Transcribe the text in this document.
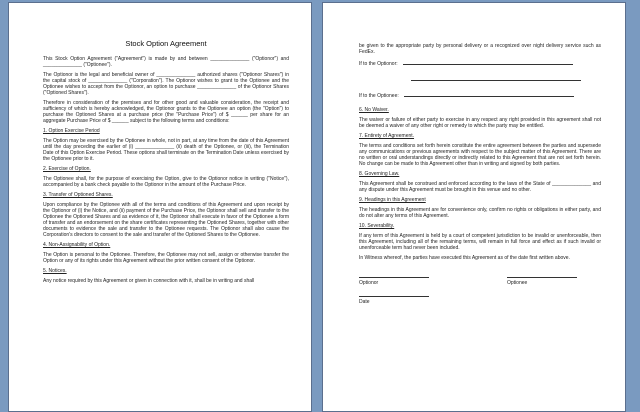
Stock Option Agreement

This Stock Option Agreement ("Agreement") is made by and between ______________ ("Optionor") and ______________ ("Optionee").

The Optionor is the legal and beneficial owner of ______________ authorized shares ("Optionor Shares") in the capital stock of ______________ ("Corporation"). The Optionor wishes to grant to the Optionee and the Optionee wishes to accept from the Optionor, an option to purchase ______________ of the Optionor Shares ("Optioned Shares").

Therefore in consideration of the premises and for other good and valuable consideration, the receipt and sufficiency of which is hereby acknowledged, the Optionor grants to the Optionee an option (the "Option") to purchase the Optioned Shares at a purchase price (the "Purchase Price") of $ ______ per share for an aggregate Purchase Price of $ ______ subject to the following terms and conditions:

1. Option Exercise Period

The Option may be exercised by the Optionee in whole, not in part, at any time from the date of this Agreement until the day preceding the earlier of (i) ______________ (ii) death of the Optionee, or (iii), the Termination Date of this Option Exercise Period. These options shall terminate on the Termination Date unless exercised by the Optionee prior to it.

2. Exercise of Option.

The Optionee shall, for the purpose of exercising the Option, give to the Optionor notice in writing ("Notice"), accompanied by a bank check payable to the Optionor in the amount of the Purchase Price.

3. Transfer of Optioned Shares.

Upon compliance by the Optionee with all of the terms and conditions of this Agreement and upon receipt by the Optionor of (i) the Notice, and (ii) payment of the Purchase Price, the Optionor shall sell and transfer to the Optionee the Optioned Shares and as evidence of it, the Optionor shall execute in favor of the Optionee a form of transfer and an endorsement on the share certificates representing the Optioned Shares, together with other documents to evidence the sale and transfer to the Optionee requests. The Optionor shall also cause the Corporation's directors to consent to the sale and transfer of the Optioned Shares to the Optionee.

4. Non-Assignability of Option.

The Option is personal to the Optionee. Therefore, the Optionee may not sell, assign or otherwise transfer the Option or any of its rights under this Agreement without the prior written consent of the Optionor.

5. Notices.

Any notice required by this Agreement or given in connection with it, shall be in writing and shall

be given to the appropriate party by personal delivery or a recognized over night delivery service such as FedEx.

If to the Optionor:
If to the Optionee:
6. No Waiver.

The waiver or failure of either party to exercise in any respect any right provided in this agreement shall not be deemed a waiver of any other right or remedy to which the party may be entitled.

7. Entirety of Agreement.

The terms and conditions set forth herein constitute the entire agreement between the parties and supersede any communications or previous agreements with respect to the subject matter of this Agreement. There are no written or oral understandings directly or indirectly related to this Agreement that are not set forth herein. No change can be made to this Agreement other than in writing and signed by both parties.

8. Governing Law.

This Agreement shall be construed and enforced according to the laws of the State of ______________ and any dispute under this Agreement must be brought in this venue and no other.

9. Headings in this Agreement

The headings in this Agreement are for convenience only, confirm no rights or obligations in either party, and do not alter any terms of this Agreement.

10. Severability.

If any term of this Agreement is held by a court of competent jurisdiction to be invalid or unenforceable, then this Agreement, including all of the remaining terms, will remain in full force and effect as if such invalid or unenforceable term had never been included.

In Witness whereof, the parties have executed this Agreement as of the date first written above.

Optionor	Optionee
Date
